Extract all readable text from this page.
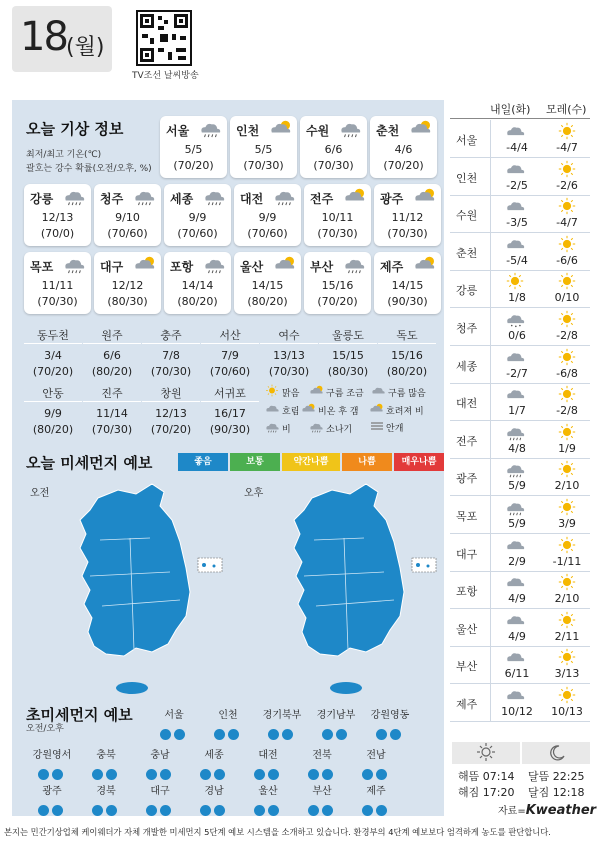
18 (월)
TV조선 날씨방송
오늘 기상 정보
최저/최고 기온(℃)
괄호는 강수 확률(오전/오후, %)
서울
5/5
(70/20)
인천
5/5
(70/30)
수원
6/6
(70/30)
춘천
4/6
(70/20)
강릉
12/13
(70/0)
청주
9/10
(70/60)
세종
9/9
(70/60)
대전
9/9
(70/60)
전주
10/11
(70/30)
광주
11/12
(70/30)
목포
11/11
(70/30)
대구
12/12
(80/30)
포항
14/14
(80/20)
울산
14/15
(80/20)
부산
15/16
(70/20)
제주
14/15
(90/30)
동두천
3/4
(70/20)
원주
6/6
(80/20)
충주
7/8
(70/30)
서산
7/9
(70/60)
여수
13/13
(70/30)
울릉도
15/15
(80/30)
독도
15/16
(80/20)
안동
9/9
(80/20)
진주
11/14
(70/30)
창원
12/13
(70/20)
서귀포
16/17
(90/30)
맑음	구름 조금	구름 많음
흐림 비온 후 갬	흐려져 비
비	소나기	안개
오늘 미세먼지 예보	좋음	보통	약간나쁨	나쁨	매우나쁨
오전	오후
초미세먼지 예보
오전/오후
서울	인천	경기북부	경기남부	강원영동
강원영서	충북	충남	세종	대전	전북	전남
광주	경북	대구	경남	울산	부산	제주
내일(화) 모레(수)
서울
-4/4	-4/7
인천
-2/5	-2/6
수원
-3/5	-4/7
춘천
-5/4	-6/6
강릉
1/8	0/10
청주
0/6	-2/8
세종
-2/7	-6/8
대전
1/7	-2/8
전주
4/8	1/9
광주
5/9	2/10
목포
5/9	3/9
대구
2/9	-1/11
포항
4/9	2/10
울산
4/9	2/11
부산
6/11	3/13
제주
10/12	10/13
해뜸 07:14
해짐 17:20
달뜸 22:25
달짐 12:18
자료=Kweather
본지는 민간기상업체 케이웨더가 자체 개발한 미세먼지 5단계 예보 시스템을 소개하고 있습니다. 환경부의 4단계 예보보다 엄격하게 농도를 판단합니다.
